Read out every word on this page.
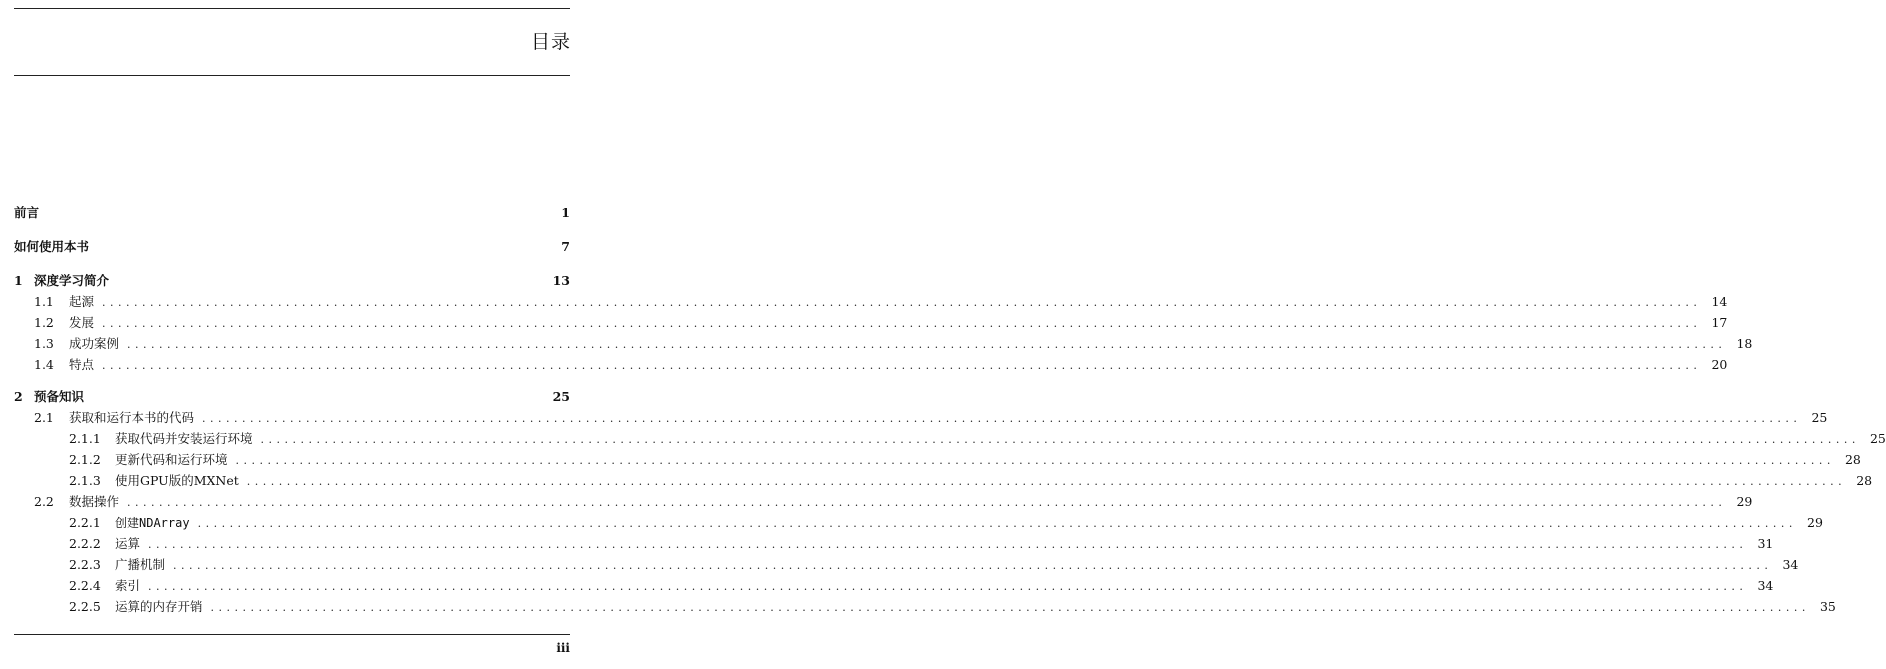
目录
前言	1
如何使用本书	7
1 深度学习简介	13
1.1 起源 ........................................................................................................................................................................................................ 14
1.2 发展 ........................................................................................................................................................................................................ 17
1.3 成功案例 ........................................................................................................................................................................................................ 18
1.4 特点 ........................................................................................................................................................................................................ 20
2 预备知识	25
2.1 获取和运行本书的代码 ........................................................................................................................................................................................................ 25
2.1.1 获取代码并安装运行环境 ........................................................................................................................................................................................................ 25
2.1.2 更新代码和运行环境 ........................................................................................................................................................................................................ 28
2.1.3 使用GPU版的MXNet ........................................................................................................................................................................................................ 28
2.2 数据操作 ........................................................................................................................................................................................................ 29
2.2.1 创建NDArray ........................................................................................................................................................................................................ 29
2.2.2 运算 ........................................................................................................................................................................................................ 31
2.2.3 广播机制 ........................................................................................................................................................................................................ 34
2.2.4 索引 ........................................................................................................................................................................................................ 34
2.2.5 运算的内存开销 ........................................................................................................................................................................................................ 35
iii
